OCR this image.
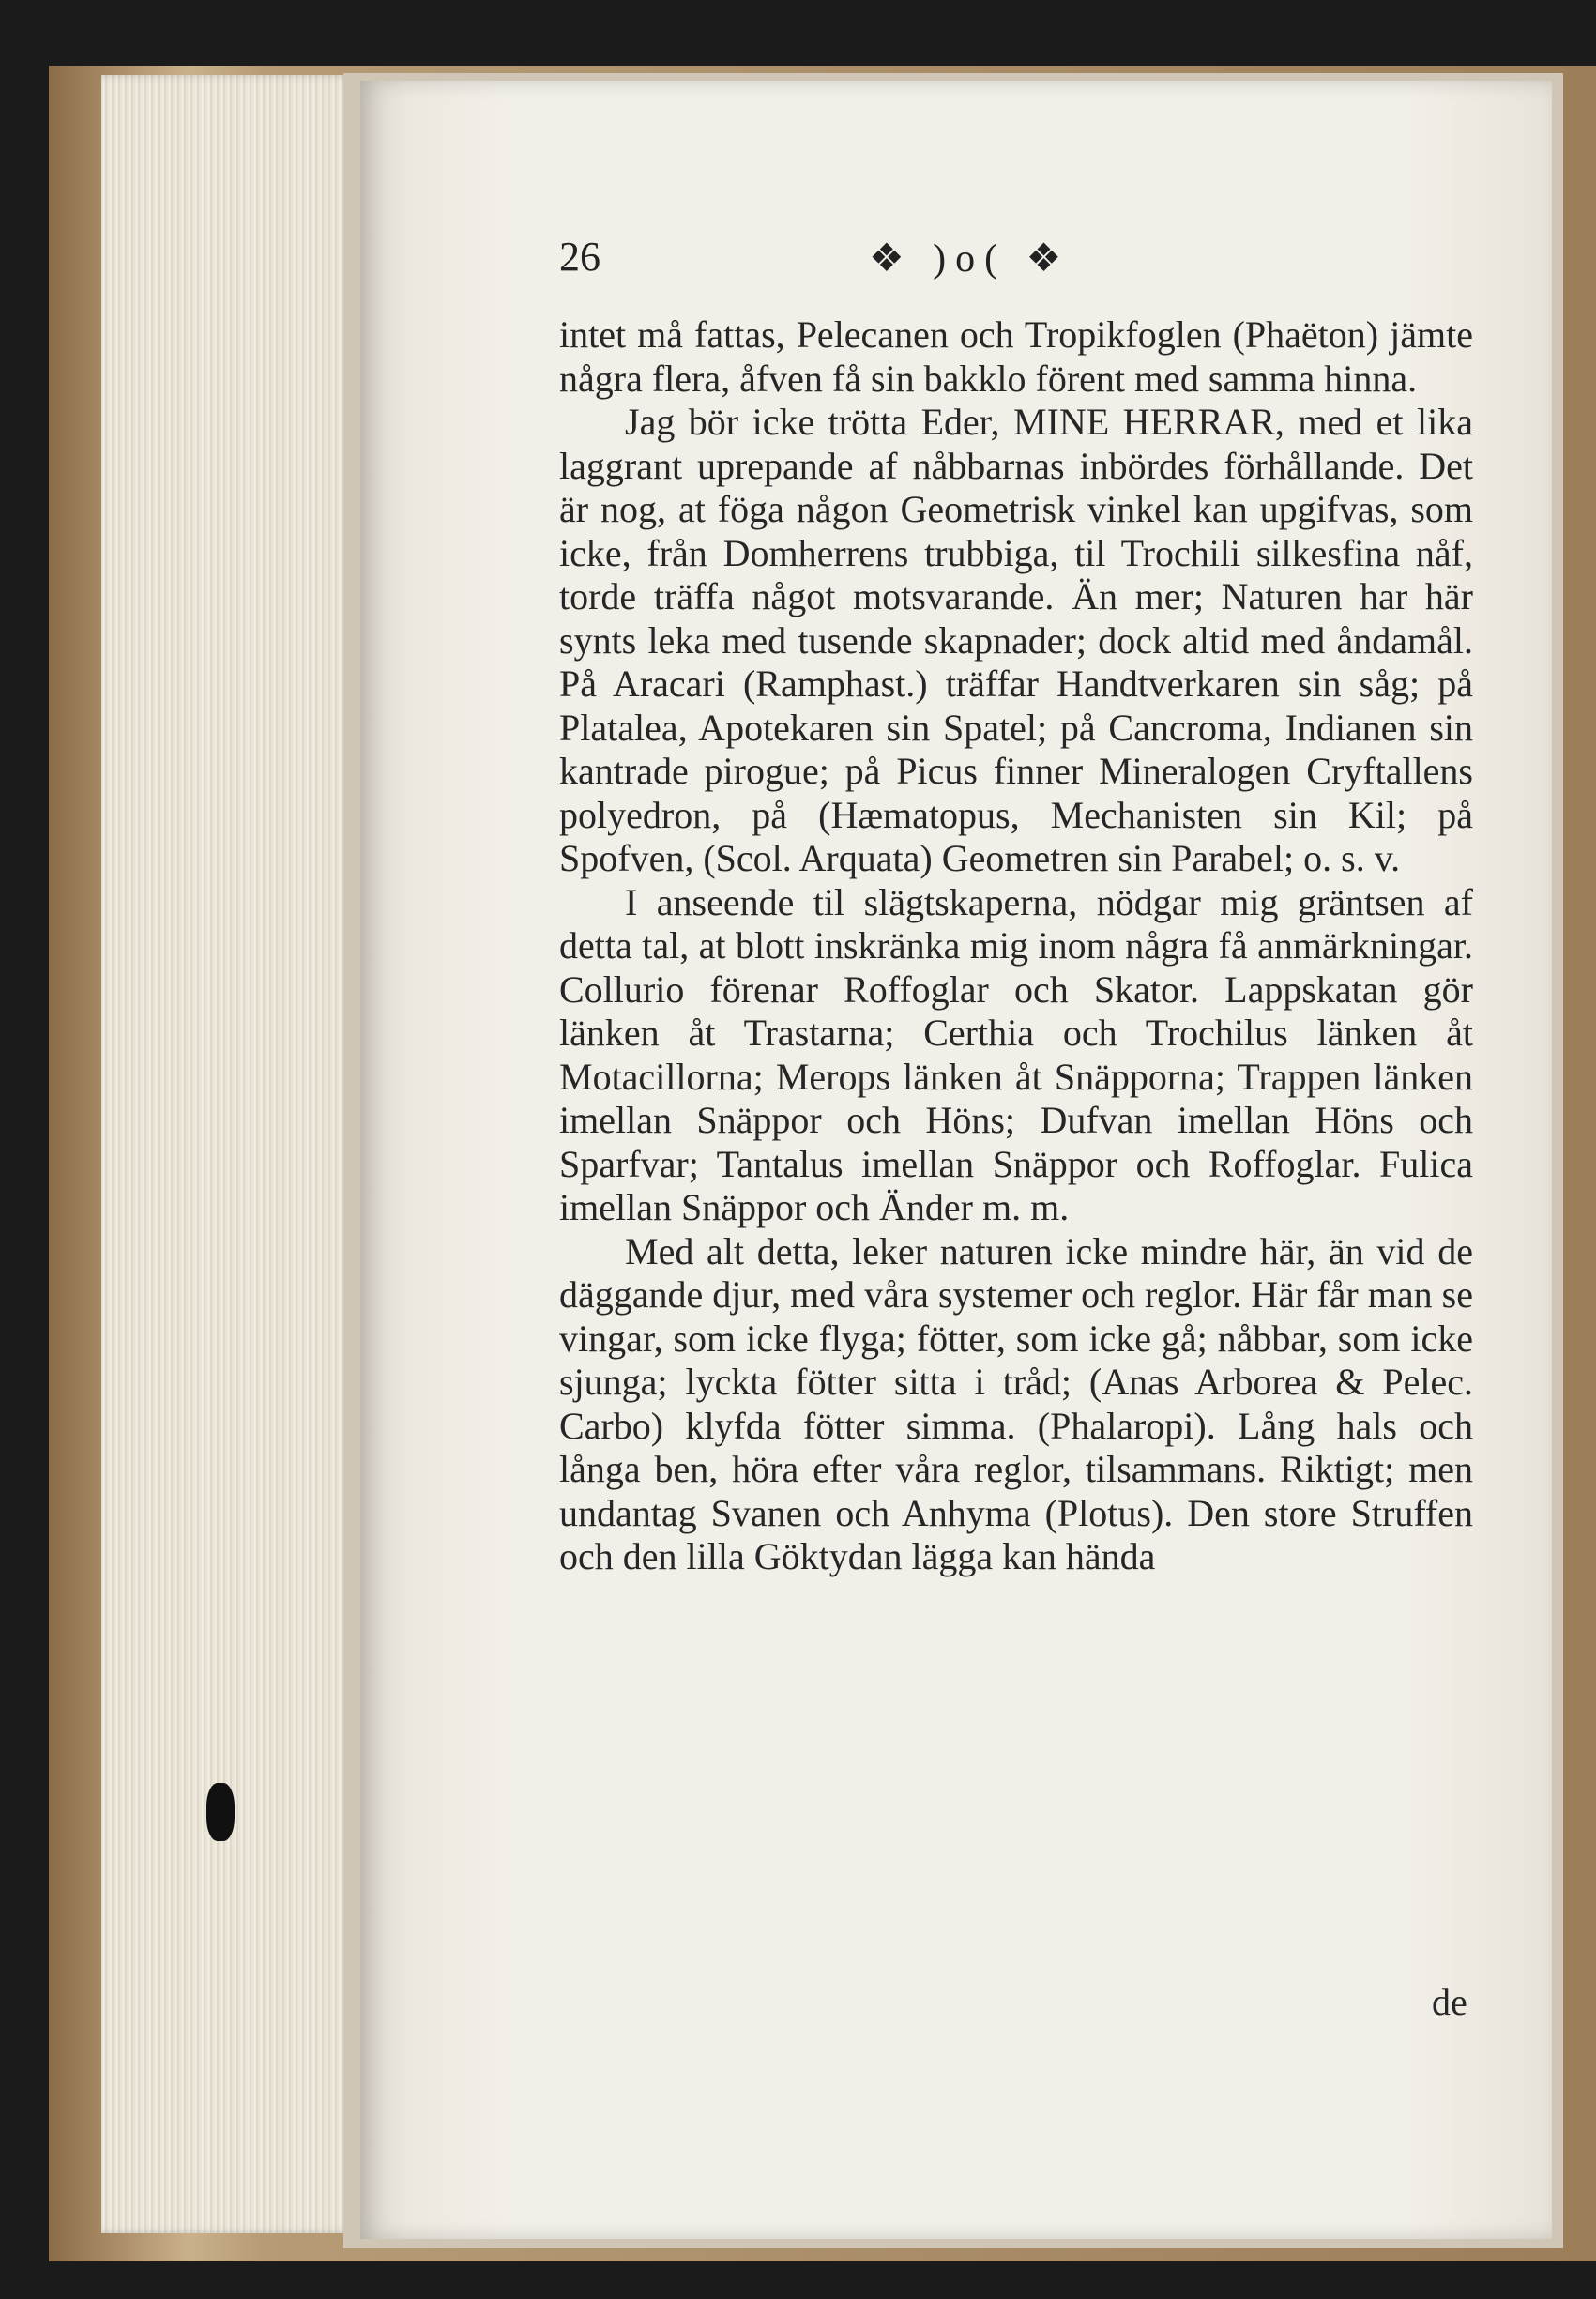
26	❖ )o( ❖

intet må fattas, Pelecanen och Tropikfoglen (Phaëton) jämte några flera, åfven få sin bakklo förent med samma hinna.

Jag bör icke trötta Eder, MINE HERRAR, med et lika laggrant uprepande af nåbbarnas inbördes förhållande. Det är nog, at föga någon Geometrisk vinkel kan upgifvas, som icke, från Domherrens trubbiga, til Trochili silkesfina nåf, torde träffa något motsvarande. Än mer; Naturen har här synts leka med tusende skapnader; dock altid med åndamål. På Aracari (Ramphast.) träffar Handtverkaren sin såg; på Platalea, Apotekaren sin Spatel; på Cancroma, Indianen sin kantrade pirogue; på Picus finner Mineralogen Cryftallens polyedron, på (Hæmatopus, Mechanisten sin Kil; på Spofven, (Scol. Arquata) Geometren sin Parabel; o. s. v.

I anseende til slägtskaperna, nödgar mig gräntsen af detta tal, at blott inskränka mig inom några få anmärkningar. Collurio förenar Roffoglar och Skator. Lappskatan gör länken åt Trastarna; Certhia och Trochilus länken åt Motacillorna; Merops länken åt Snäpporna; Trappen länken imellan Snäppor och Höns; Dufvan imellan Höns och Sparfvar; Tantalus imellan Snäppor och Roffoglar. Fulica imellan Snäppor och Änder m. m.

Med alt detta, leker naturen icke mindre här, än vid de däggande djur, med våra systemer och reglor. Här får man se vingar, som icke flyga; fötter, som icke gå; nåbbar, som icke sjunga; lyckta fötter sitta i tråd; (Anas Arborea & Pelec. Carbo) klyfda fötter simma. (Phalaropi). Lång hals och långa ben, höra efter våra reglor, tilsammans. Riktigt; men undantag Svanen och Anhyma (Plotus). Den store Struffen och den lilla Göktydan lägga kan hända

de
